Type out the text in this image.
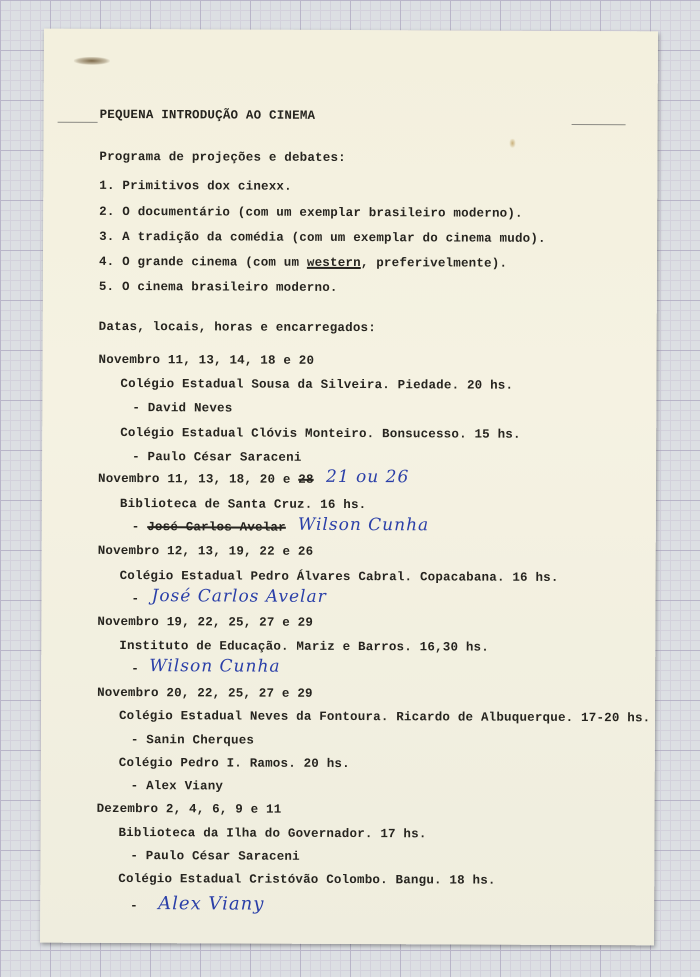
PEQUENA INTRODUÇÃO AO CINEMA
Programa de projeções e debates:
1. Primitivos dox cinexx.
2. O documentário (com um exemplar brasileiro moderno).
3. A tradição da comédia (com um exemplar do cinema mudo).
4. O grande cinema (com um western, preferivelmente).
5. O cinema brasileiro moderno.
Datas, locais, horas e encarregados:
Novembro 11, 13, 14, 18 e 20
Colégio Estadual Sousa da Silveira. Piedade. 20 hs.
- David Neves
Colégio Estadual Clóvis Monteiro. Bonsucesso. 15 hs.
- Paulo César Saraceni
Novembro 11, 13, 18, 20 e 28 21 ou 26
Biblioteca de Santa Cruz. 16 hs.
- José Carlos Avelar Wilson Cunha
Novembro 12, 13, 19, 22 e 26
Colégio Estadual Pedro Álvares Cabral. Copacabana. 16 hs.
- José Carlos Avelar
Novembro 19, 22, 25, 27 e 29
Instituto de Educação. Mariz e Barros. 16,30 hs.
- Wilson Cunha
Novembro 20, 22, 25, 27 e 29
Colégio Estadual Neves da Fontoura. Ricardo de Albuquerque. 17-20 hs.
- Sanin Cherques
Colégio Pedro I. Ramos. 20 hs.
- Alex Viany
Dezembro 2, 4, 6, 9 e 11
Biblioteca da Ilha do Governador. 17 hs.
- Paulo César Saraceni
Colégio Estadual Cristóvão Colombo. Bangu. 18 hs.
- Alex Viany
